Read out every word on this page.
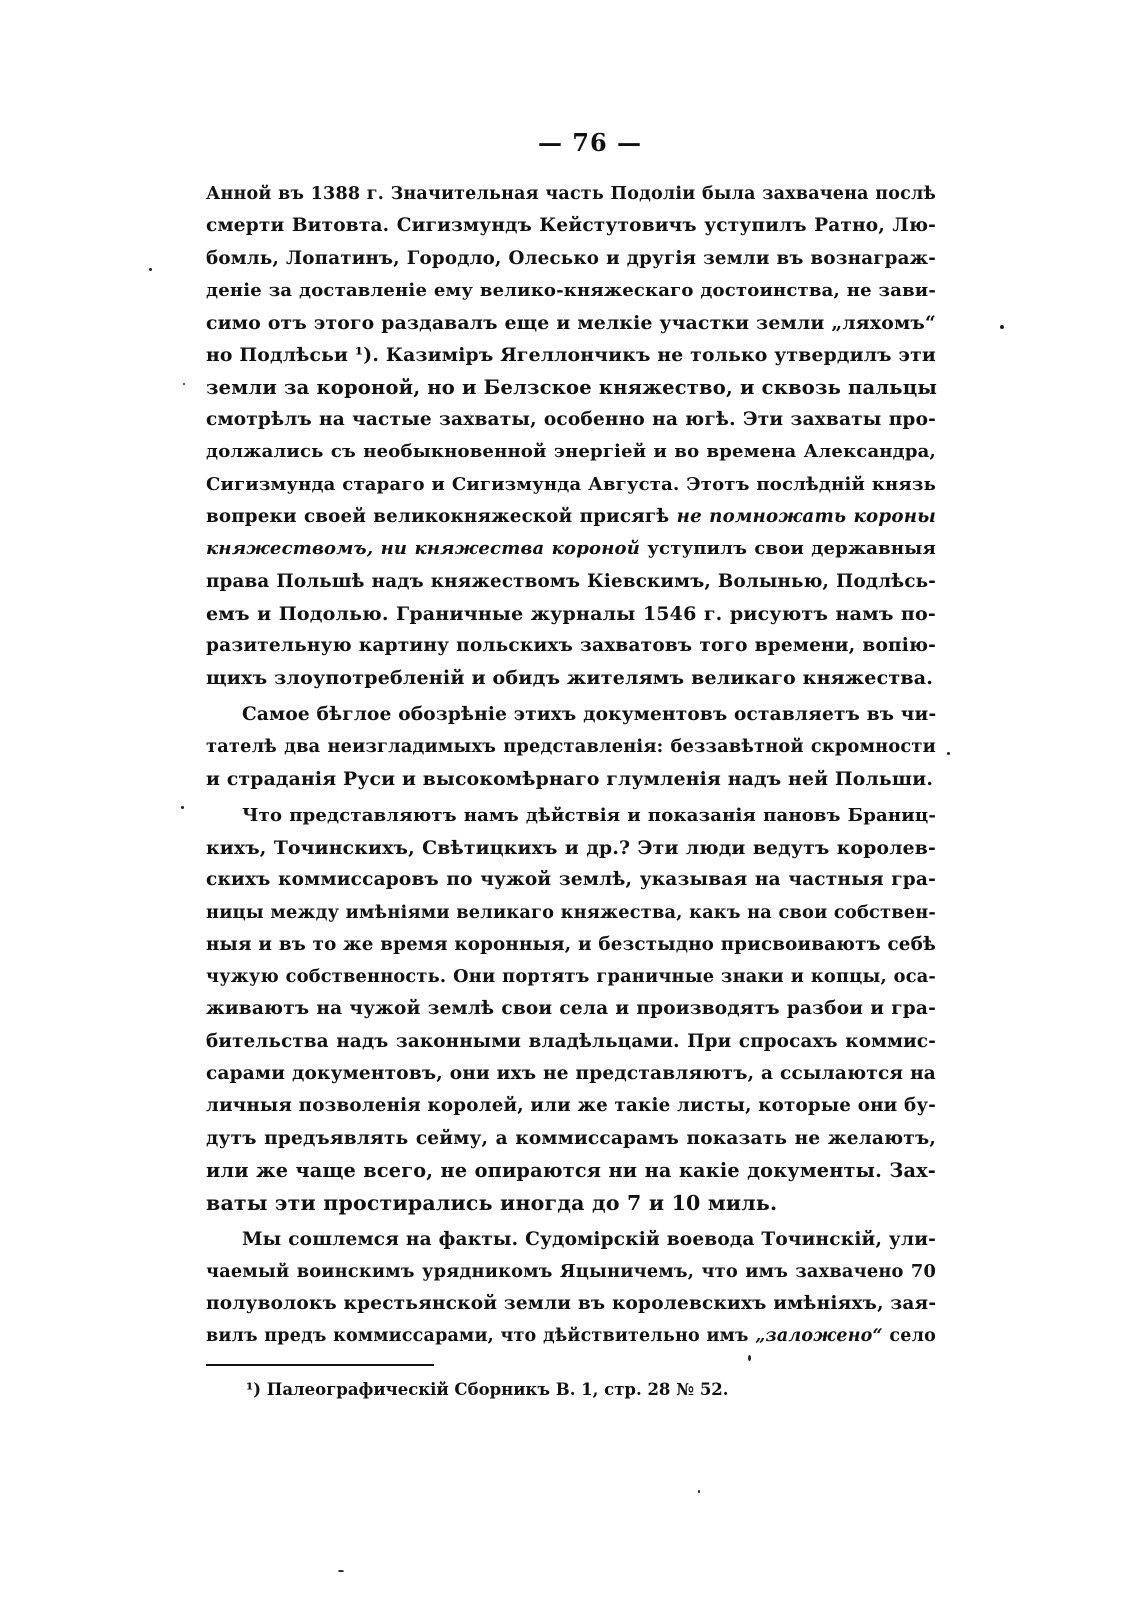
— 76 —
Анной въ 1388 г. Значительная часть Подоліи была захвачена послѣ
смерти Витовта. Сигизмундъ Кейстутовичъ уступилъ Ратно, Лю-
бомль, Лопатинъ, Городло, Олесько и другія земли въ вознаграж-
деніе за доставленіе ему велико-княжескаго достоинства, не зави-
симо отъ этого раздавалъ еще и мелкіе участки земли „ляхомъ“
но Подлѣсьи ¹). Казиміръ Ягеллончикъ не только утвердилъ эти
земли за короной, но и Белзское княжество, и сквозь пальцы
смотрѣлъ на частые захваты, особенно на югѣ. Эти захваты про-
должались съ необыкновенной энергіей и во времена Александра,
Сигизмунда стараго и Сигизмунда Августа. Этотъ послѣдній князь
вопреки своей великокняжеской присягѣ не помножать короны
княжествомъ, ни княжества короной уступилъ свои державныя
права Польшѣ надъ княжествомъ Кіевскимъ, Волынью, Подлѣсь-
емъ и Подолью. Граничные журналы 1546 г. рисуютъ намъ по-
разительную картину польскихъ захватовъ того времени, вопію-
щихъ злоупотребленій и обидъ жителямъ великаго княжества.
Самое бѣглое обозрѣніе этихъ документовъ оставляетъ въ чи-
тателѣ два неизгладимыхъ представленія: беззавѣтной скромности
и страданія Руси и высокомѣрнаго глумленія надъ ней Польши.
Что представляютъ намъ дѣйствія и показанія пановъ Браниц-
кихъ, Точинскихъ, Свѣтицкихъ и др.? Эти люди ведутъ королев-
скихъ коммиссаровъ по чужой землѣ, указывая на частныя гра-
ницы между имѣніями великаго княжества, какъ на свои собствен-
ныя и въ то же время коронныя, и безстыдно присвоиваютъ себѣ
чужую собственность. Они портятъ граничные знаки и копцы, оса-
живаютъ на чужой землѣ свои села и производятъ разбои и гра-
бительства надъ законными владѣльцами. При спросахъ коммис-
сарами документовъ, они ихъ не представляютъ, а ссылаются на
личныя позволенія королей, или же такіе листы, которые они бу-
дутъ предъявлять сейму, а коммиссарамъ показать не желаютъ,
или же чаще всего, не опираются ни на какіе документы. Зах-
ваты эти простирались иногда до 7 и 10 миль.
Мы сошлемся на факты. Судомірскій воевода Точинскій, ули-
чаемый воинскимъ урядникомъ Яцыничемъ, что имъ захвачено 70
полуволокъ крестьянской земли въ королевскихъ имѣніяхъ, зая-
вилъ предъ коммиссарами, что дѣйствительно имъ „заложено“ село
¹) Палеографическій Сборникъ В. 1, стр. 28 № 52.
